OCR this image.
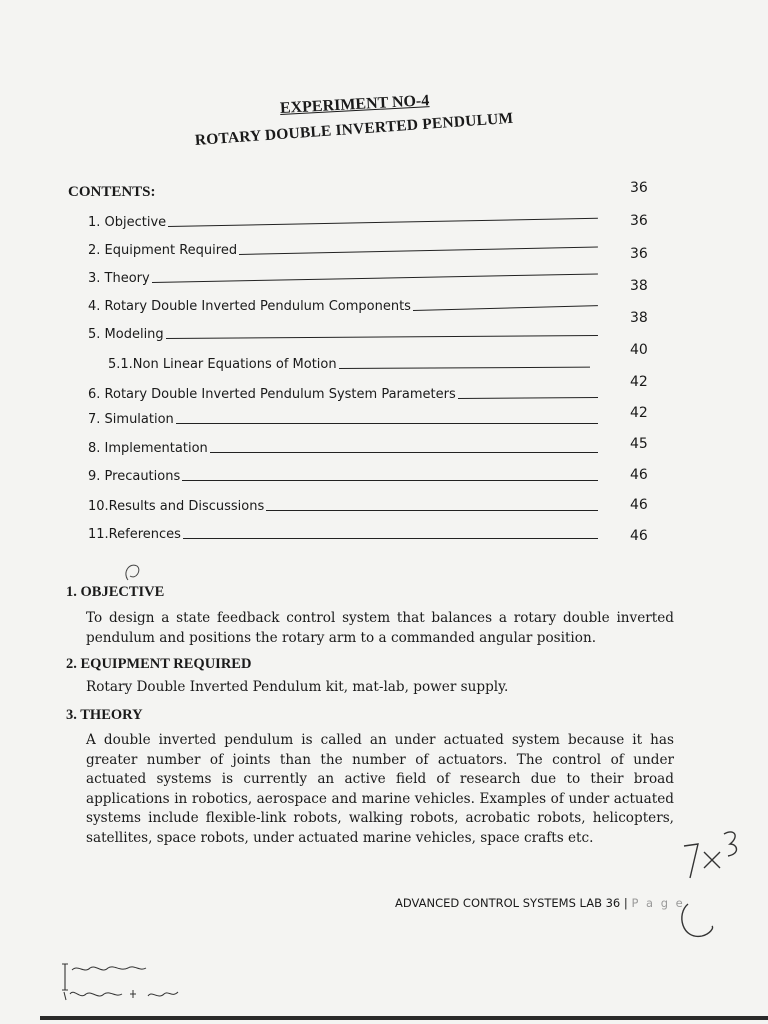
EXPERIMENT NO-4
ROTARY DOUBLE INVERTED PENDULUM
CONTENTS:
1. Objective
2. Equipment Required
3. Theory
4. Rotary Double Inverted Pendulum Components
5. Modeling
5.1.Non Linear Equations of Motion
6. Rotary Double Inverted Pendulum System Parameters
7. Simulation
8. Implementation
9. Precautions
10.Results and Discussions
11.References
36
36
36
38
38
40
42
42
45
46
46
46
1. OBJECTIVE
To design a state feedback control system that balances a rotary double inverted pendulum and positions the rotary arm to a commanded angular position.
2. EQUIPMENT REQUIRED
Rotary Double Inverted Pendulum kit, mat-lab, power supply.
3. THEORY
A double inverted pendulum is called an under actuated system because it has greater number of joints than the number of actuators. The control of under actuated systems is currently an active field of research due to their broad applications in robotics, aerospace and marine vehicles. Examples of under actuated systems include flexible-link robots, walking robots, acrobatic robots, helicopters, satellites, space robots, under actuated marine vehicles, space crafts etc.
ADVANCED CONTROL SYSTEMS LAB 36 | P a g e
